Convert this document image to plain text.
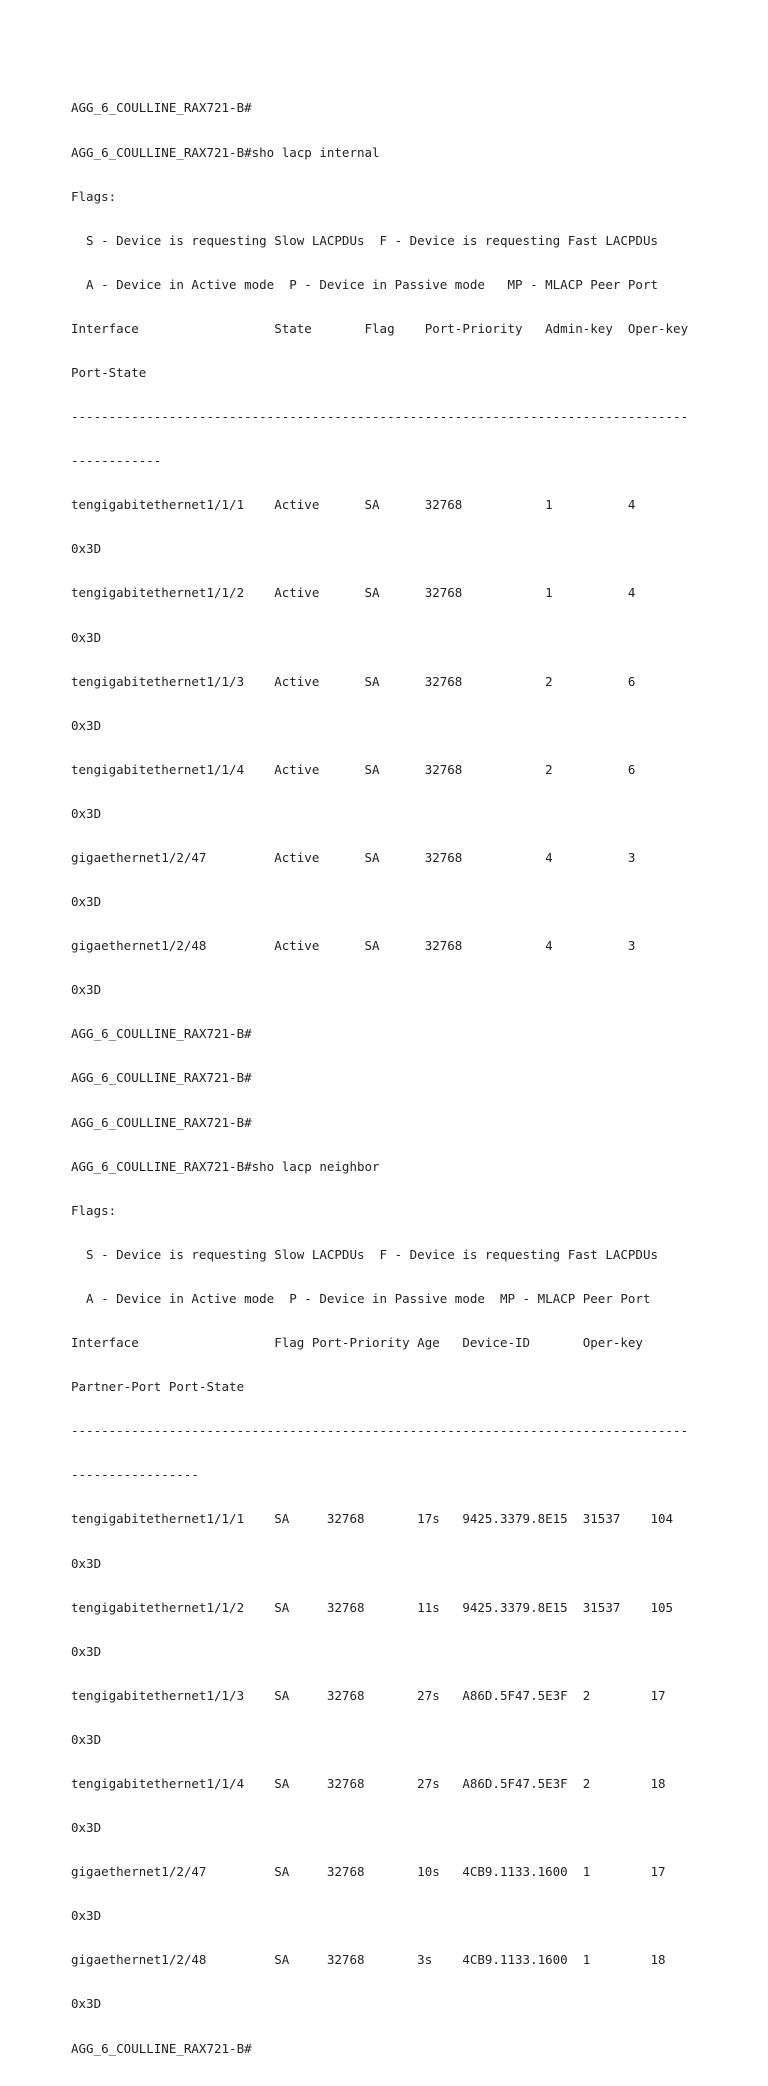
AGG_6_COULLINE_RAX721-B#

AGG_6_COULLINE_RAX721-B#sho lacp internal

Flags:

S - Device is requesting Slow LACPDUs  F - Device is requesting Fast LACPDUs

A - Device in Active mode  P - Device in Passive mode   MP - MLACP Peer Port

Interface                  State       Flag    Port-Priority   Admin-key  Oper-key

Port-State

----------------------------------------------------------------------------------

------------

tengigabitethernet1/1/1    Active      SA      32768           1          4

0x3D

tengigabitethernet1/1/2    Active      SA      32768           1          4

0x3D

tengigabitethernet1/1/3    Active      SA      32768           2          6

0x3D

tengigabitethernet1/1/4    Active      SA      32768           2          6

0x3D

gigaethernet1/2/47         Active      SA      32768           4          3

0x3D

gigaethernet1/2/48         Active      SA      32768           4          3

0x3D

AGG_6_COULLINE_RAX721-B#

AGG_6_COULLINE_RAX721-B#

AGG_6_COULLINE_RAX721-B#

AGG_6_COULLINE_RAX721-B#sho lacp neighbor

Flags:

S - Device is requesting Slow LACPDUs  F - Device is requesting Fast LACPDUs

A - Device in Active mode  P - Device in Passive mode  MP - MLACP Peer Port

Interface                  Flag Port-Priority Age   Device-ID       Oper-key

Partner-Port Port-State

----------------------------------------------------------------------------------

-----------------

tengigabitethernet1/1/1    SA     32768       17s   9425.3379.8E15  31537    104

0x3D

tengigabitethernet1/1/2    SA     32768       11s   9425.3379.8E15  31537    105

0x3D

tengigabitethernet1/1/3    SA     32768       27s   A86D.5F47.5E3F  2        17

0x3D

tengigabitethernet1/1/4    SA     32768       27s   A86D.5F47.5E3F  2        18

0x3D

gigaethernet1/2/47         SA     32768       10s   4CB9.1133.1600  1        17

0x3D

gigaethernet1/2/48         SA     32768       3s    4CB9.1133.1600  1        18

0x3D

AGG_6_COULLINE_RAX721-B#
